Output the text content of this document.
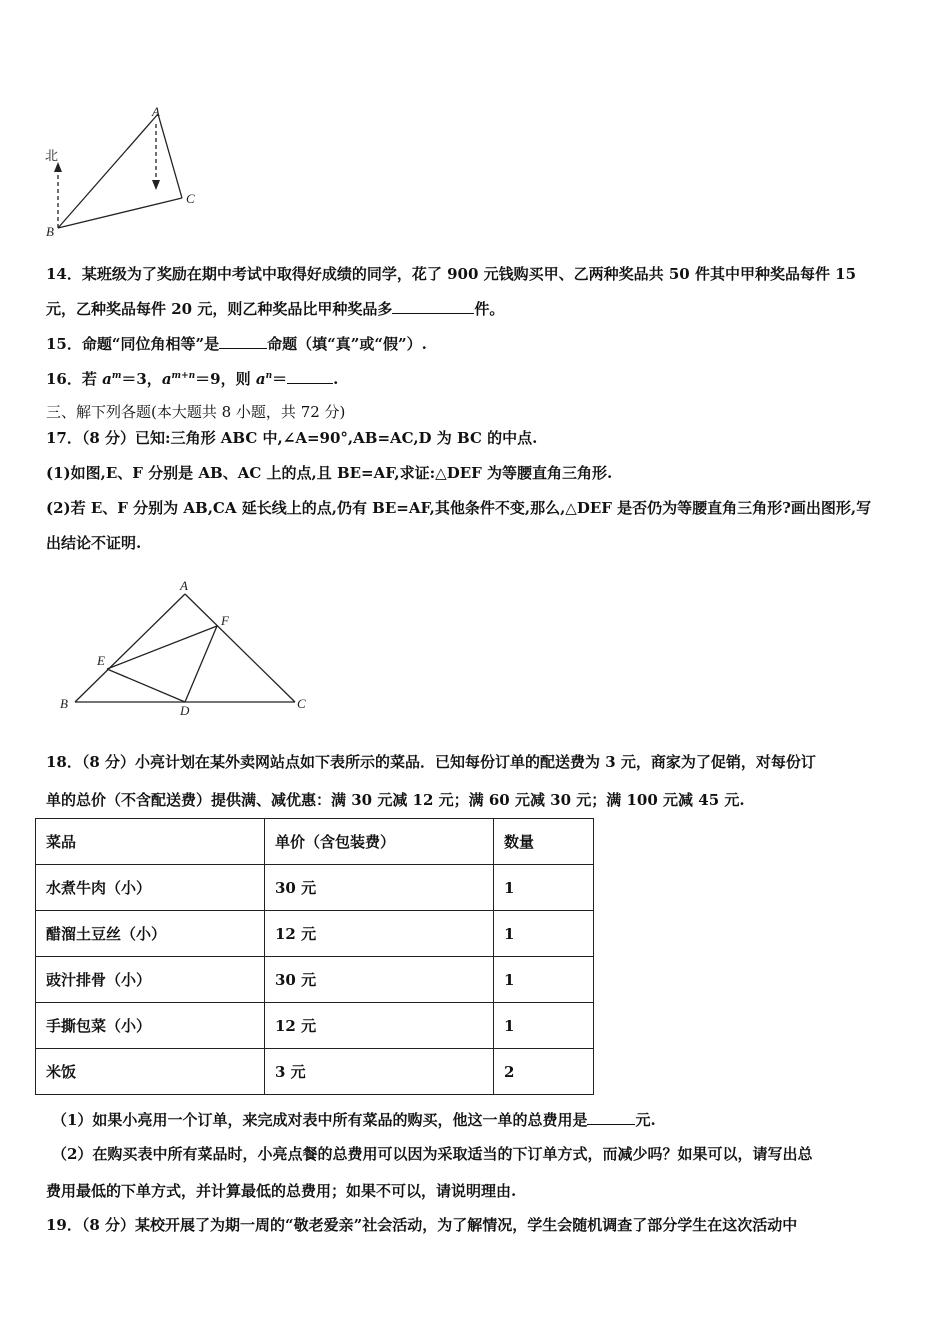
北
A
B
C
14．某班级为了奖励在期中考试中取得好成绩的同学，花了 900 元钱购买甲、乙两种奖品共 50 件其中甲种奖品每件 15
元，乙种奖品每件 20 元，则乙种奖品比甲种奖品多	件。
15．命题“同位角相等”是	命题（填“真”或“假”）.
16．若 $a^m=3$，$a^{m+n}=9$，则 $a^n=$	.
三、解下列各题(本大题共 8 小题，共 72 分)
17．（8 分）已知:三角形 ABC 中,∠A=90°,AB=AC,D 为 BC 的中点.
(1)如图,E、F 分别是 AB、AC 上的点,且 BE=AF,求证:△DEF 为等腰直角三角形.
(2)若 E、F 分别为 AB,CA 延长线上的点,仍有 BE=AF,其他条件不变,那么,△DEF 是否仍为等腰直角三角形?画出图形,写
出结论不证明.
A
B	C
D
E
F
18．（8 分）小亮计划在某外卖网站点如下表所示的菜品．已知每份订单的配送费为 3 元，商家为了促销，对每份订
单的总价（不含配送费）提供满、减优惠：满 30 元减 12 元；满 60 元减 30 元；满 100 元减 45 元.
菜品	单价（含包装费）	数量
水煮牛肉（小）	30 元	1
醋溜土豆丝（小）	12 元	1
豉汁排骨（小）	30 元	1
手撕包菜（小）	12 元	1
米饭	3 元	2
（1）如果小亮用一个订单，来完成对表中所有菜品的购买，他这一单的总费用是	元.
（2）在购买表中所有菜品时，小亮点餐的总费用可以因为采取适当的下订单方式，而减少吗？如果可以，请写出总
费用最低的下单方式，并计算最低的总费用；如果不可以，请说明理由.
19．（8 分）某校开展了为期一周的“敬老爱亲”社会活动，为了解情况，学生会随机调查了部分学生在这次活动中
